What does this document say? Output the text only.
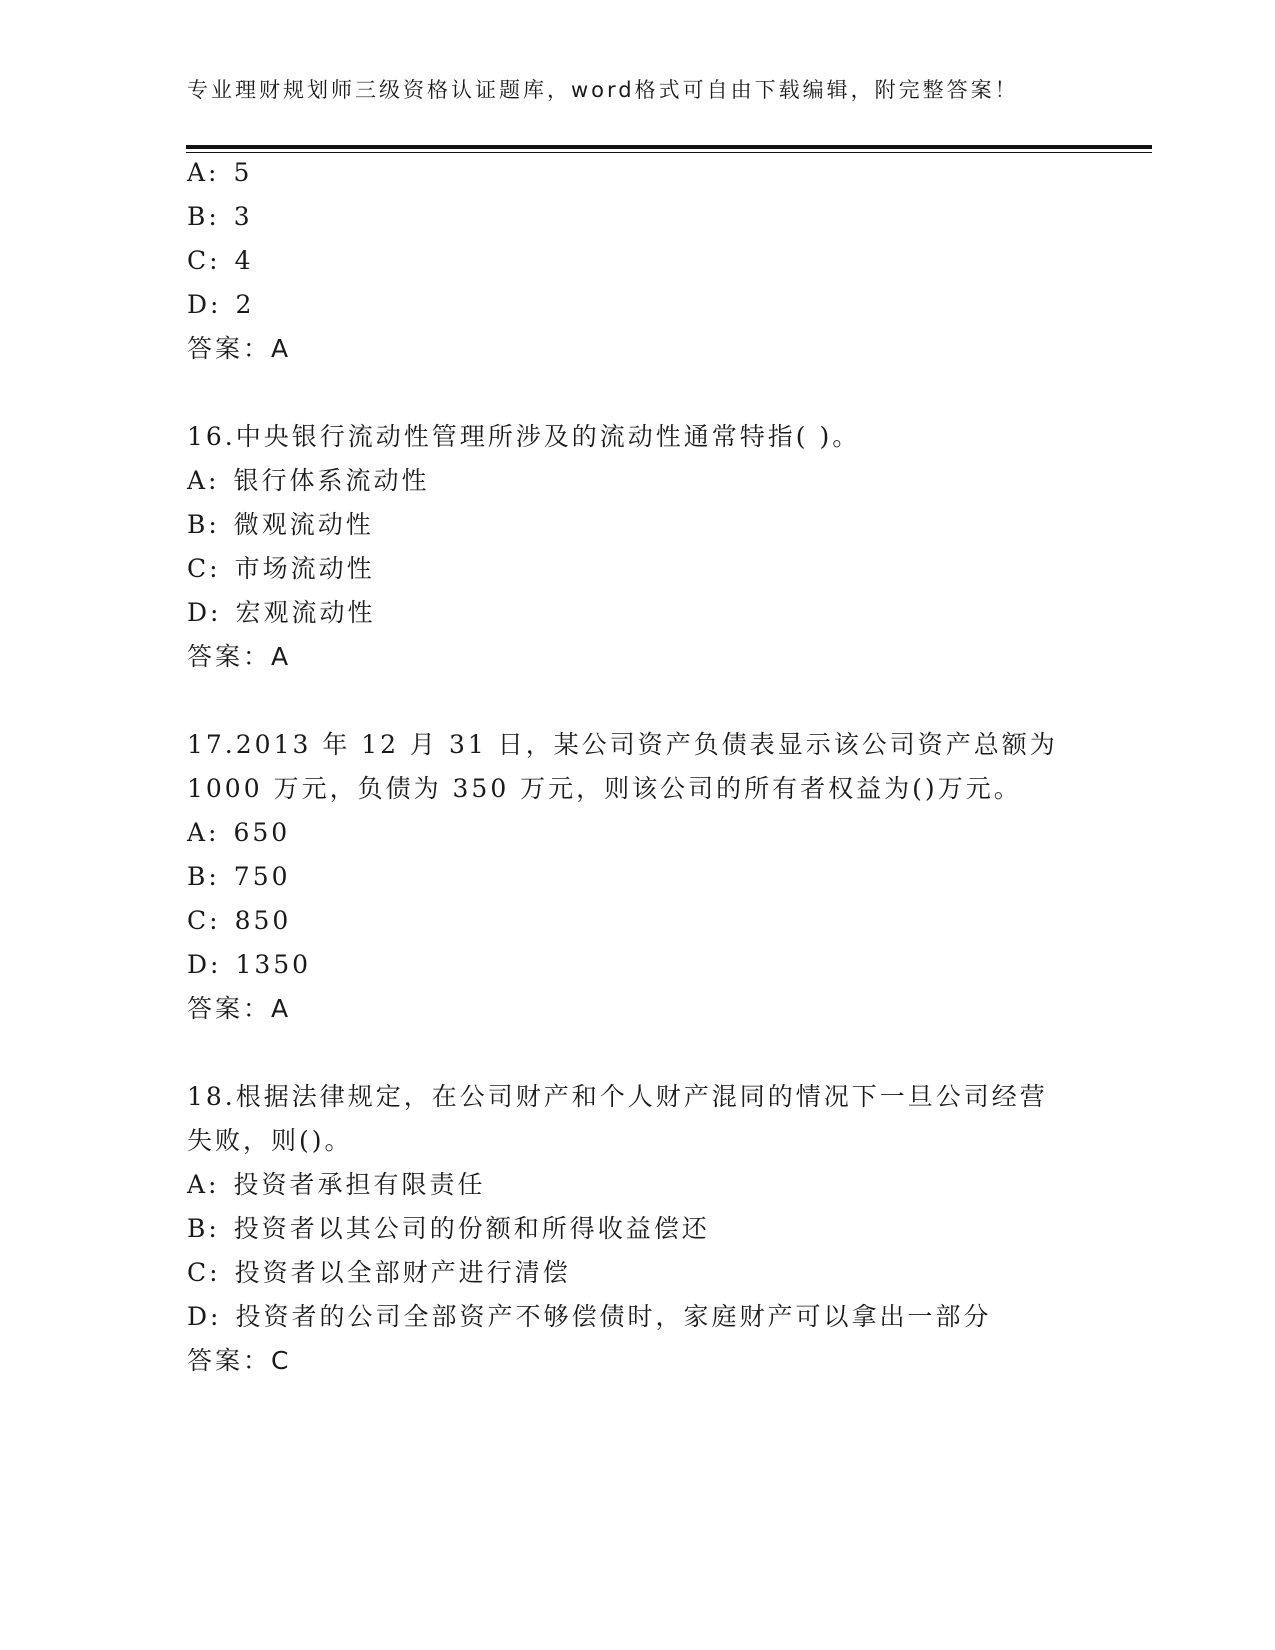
专业理财规划师三级资格认证题库，word格式可自由下载编辑，附完整答案！
A: 5
B: 3
C: 4
D: 2
答案：A
16.中央银行流动性管理所涉及的流动性通常特指( )。
A: 银行体系流动性
B: 微观流动性
C: 市场流动性
D: 宏观流动性
答案：A
17.2013 年 12 月 31 日，某公司资产负债表显示该公司资产总额为
1000 万元，负债为 350 万元，则该公司的所有者权益为()万元。
A: 650
B: 750
C: 850
D: 1350
答案：A
18.根据法律规定，在公司财产和个人财产混同的情况下一旦公司经营
失败，则()。
A: 投资者承担有限责任
B: 投资者以其公司的份额和所得收益偿还
C: 投资者以全部财产进行清偿
D: 投资者的公司全部资产不够偿债时，家庭财产可以拿出一部分
答案：C
